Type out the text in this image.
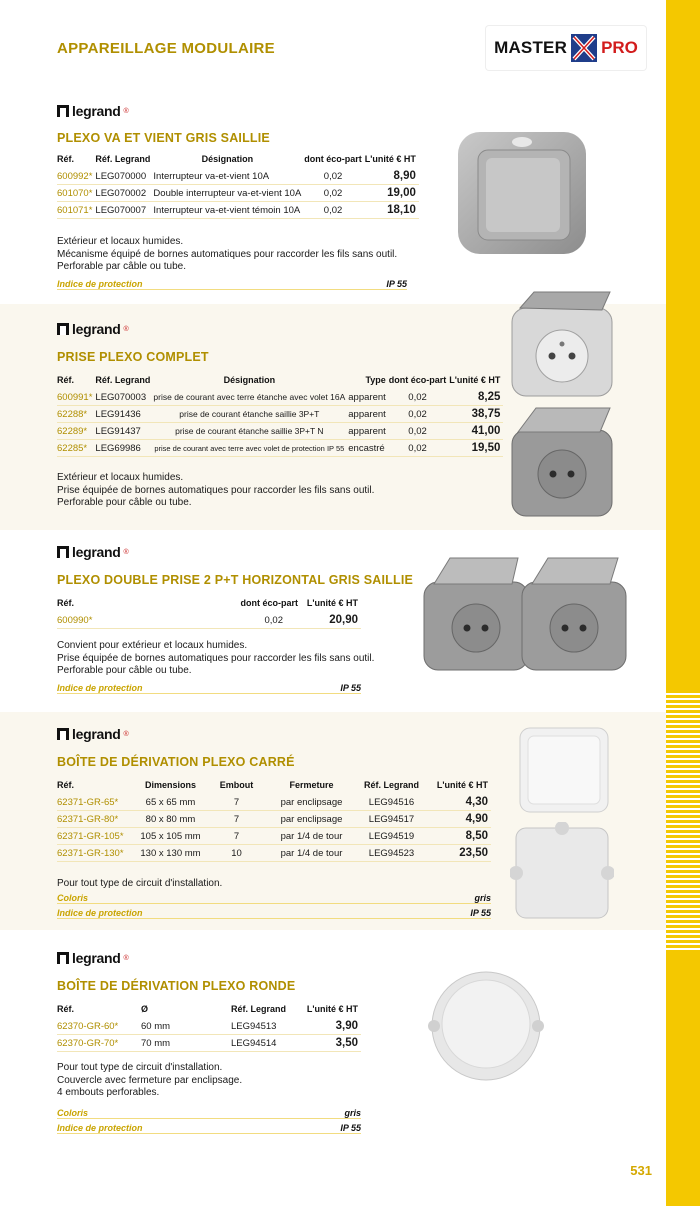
APPAREILLAGE MODULAIRE	MASTER PRO
legrand ®
PLEXO VA ET VIENT GRIS SAILLIE
Réf.	Réf. Legrand	Désignation	dont éco-part	L'unité € HT
600992*	LEG070000	Interrupteur va-et-vient 10A	0,02	8,90
601070*	LEG070002	Double interrupteur va-et-vient 10A	0,02	19,00
601071*	LEG070007	Interrupteur va-et-vient témoin 10A	0,02	18,10
Extérieur et locaux humides.
Mécanisme équipé de bornes automatiques pour raccorder les fils sans outil.
Perforable par câble ou tube.
Indice de protection	IP 55
legrand ®
PRISE PLEXO COMPLET
Réf.	Réf. Legrand	Désignation	Type	dont éco-part	L'unité € HT
600991*	LEG070003	prise de courant avec terre étanche avec volet 16A	apparent	0,02	8,25
62288*	LEG91436	prise de courant étanche saillie 3P+T	apparent	0,02	38,75
62289*	LEG91437	prise de courant étanche saillie 3P+T N	apparent	0,02	41,00
62285*	LEG69986	prise de courant avec terre avec volet de protection IP 55	encastré	0,02	19,50
Extérieur et locaux humides.
Prise équipée de bornes automatiques pour raccorder les fils sans outil.
Perforable pour câble ou tube.
legrand ®
PLEXO DOUBLE PRISE 2 P+T HORIZONTAL GRIS SAILLIE
Réf.	dont éco-part	L'unité € HT
600990*	0,02	20,90
Convient pour extérieur et locaux humides.
Prise équipée de bornes automatiques pour raccorder les fils sans outil.
Perforable pour câble ou tube.
Indice de protection	IP 55
legrand ®
BOÎTE DE DÉRIVATION PLEXO CARRÉ
Réf.	Dimensions	Embout	Fermeture	Réf. Legrand	L'unité € HT
62371-GR-65*	65 x 65 mm	7	par enclipsage	LEG94516	4,30
62371-GR-80*	80 x 80 mm	7	par enclipsage	LEG94517	4,90
62371-GR-105*	105 x 105 mm	7	par 1/4 de tour	LEG94519	8,50
62371-GR-130*	130 x 130 mm	10	par 1/4 de tour	LEG94523	23,50
Pour tout type de circuit d'installation.
Coloris	gris
Indice de protection	IP 55
legrand ®
BOÎTE DE DÉRIVATION PLEXO RONDE
Réf.	Ø	Réf. Legrand	L'unité € HT
62370-GR-60*	60 mm	LEG94513	3,90
62370-GR-70*	70 mm	LEG94514	3,50
Pour tout type de circuit d'installation.
Couvercle avec fermeture par enclipsage.
4 embouts perforables.
Coloris	gris
Indice de protection	IP 55
531
